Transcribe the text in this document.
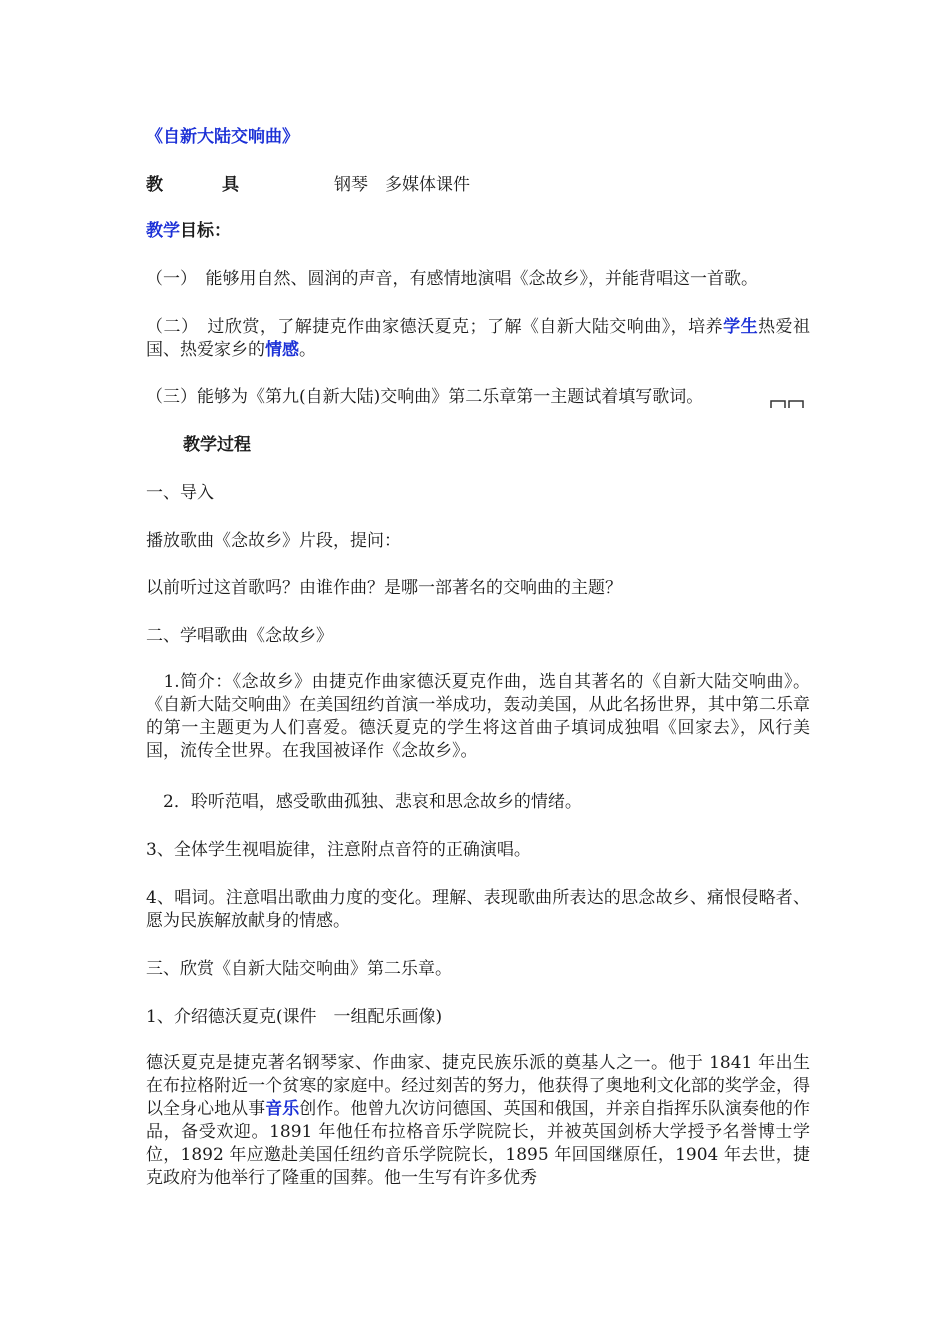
《自新大陆交响曲》

教	具	钢琴　多媒体课件

教学目标：

（一）　能够用自然、圆润的声音，有感情地演唱《念故乡》，并能背唱这一首歌。

（二）　过欣赏，了解捷克作曲家德沃夏克；了解《自新大陆交响曲》，培养学生热爱祖国、热爱家乡的情感。

（三）能够为《第九(自新大陆)交响曲》第二乐章第一主题试着填写歌词。

教学过程

一、导入

播放歌曲《念故乡》片段，提问：

以前听过这首歌吗？由谁作曲？是哪一部著名的交响曲的主题？

二、学唱歌曲《念故乡》

　1.简介：《念故乡》由捷克作曲家德沃夏克作曲，选自其著名的《自新大陆交响曲》。《自新大陆交响曲》在美国纽约首演一举成功，轰动美国，从此名扬世界，其中第二乐章的第一主题更为人们喜爱。德沃夏克的学生将这首曲子填词成独唱《回家去》，风行美国，流传全世界。在我国被译作《念故乡》。

　2．聆听范唱，感受歌曲孤独、悲哀和思念故乡的情绪。

3、全体学生视唱旋律，注意附点音符的正确演唱。

4、唱词。注意唱出歌曲力度的变化。理解、表现歌曲所表达的思念故乡、痛恨侵略者、愿为民族解放献身的情感。

三、欣赏《自新大陆交响曲》第二乐章。

1、介绍德沃夏克(课件　一组配乐画像)

德沃夏克是捷克著名钢琴家、作曲家、捷克民族乐派的奠基人之一。他于 1841 年出生在布拉格附近一个贫寒的家庭中。经过刻苦的努力，他获得了奥地利文化部的奖学金，得以全身心地从事音乐创作。他曾九次访问德国、英国和俄国，并亲自指挥乐队演奏他的作品，备受欢迎。1891 年他任布拉格音乐学院院长，并被英国剑桥大学授予名誉博士学位，1892 年应邀赴美国任纽约音乐学院院长，1895 年回国继原任，1904 年去世，捷克政府为他举行了隆重的国葬。他一生写有许多优秀
